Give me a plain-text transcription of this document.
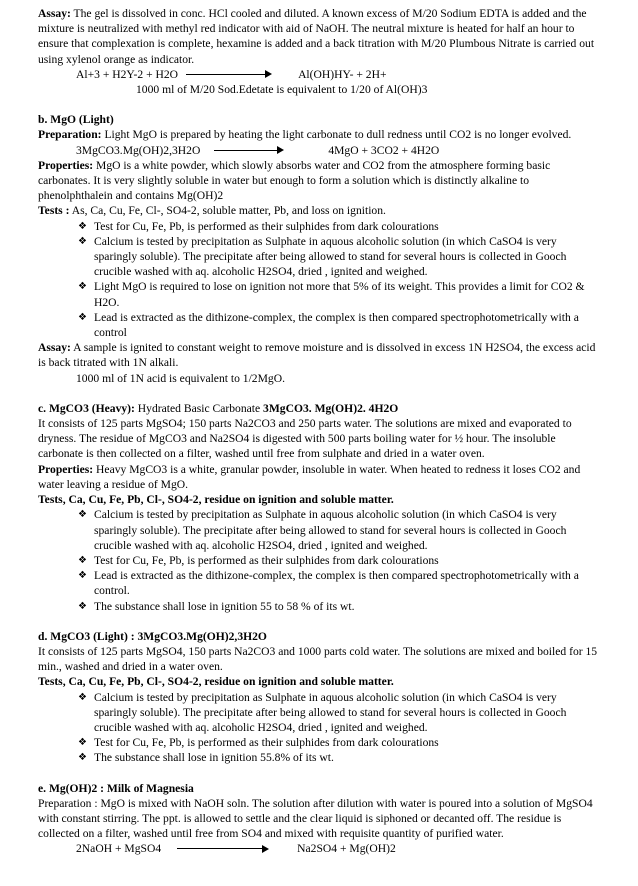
Assay: The gel is dissolved in conc. HCl cooled and diluted. A known excess of M/20 Sodium EDTA is added and the mixture is neutralized with methyl red indicator with aid of NaOH. The neutral mixture is heated for half an hour to ensure that complexation is complete, hexamine is added and a back titration with M/20 Plumbous Nitrate is carried out using xylenol orange as indicator.

Al+3 + H2Y-2 + H2O	Al(OH)HY- + 2H+

1000 ml of M/20 Sod.Edetate is equivalent to 1/20 of Al(OH)3

b. MgO (Light)

Preparation: Light MgO is prepared by heating the light carbonate to dull redness until CO2 is no longer evolved.

3MgCO3.Mg(OH)2,3H2O	4MgO + 3CO2 + 4H2O

Properties: MgO is a white powder, which slowly absorbs water and CO2 from the atmosphere forming basic carbonates. It is very slightly soluble in water but enough to form a solution which is distinctly alkaline to phenolphthalein and contains Mg(OH)2

Tests : As, Ca, Cu, Fe, Cl-, SO4-2, soluble matter, Pb, and loss on ignition.

❖ Test for Cu, Fe, Pb, is performed as their sulphides from dark colourations
❖ Calcium is tested by precipitation as Sulphate in aquous alcoholic solution (in which CaSO4 is very sparingly soluble). The precipitate after being allowed to stand for several hours is collected in Gooch crucible washed with aq. alcoholic H2SO4, dried , ignited and weighed.
❖ Light MgO is required to lose on ignition not more that 5% of its weight. This provides a limit for CO2 & H2O.
❖ Lead is extracted as the dithizone-complex, the complex is then compared spectrophotometrically with a control

Assay: A sample is ignited to constant weight to remove moisture and is dissolved in excess 1N H2SO4, the excess acid is back titrated with 1N alkali.

1000 ml of 1N acid is equivalent to 1/2MgO.

c. MgCO3 (Heavy): Hydrated Basic Carbonate 3MgCO3. Mg(OH)2. 4H2O

It consists of 125 parts MgSO4; 150 parts Na2CO3 and 250 parts water. The solutions are mixed and evaporated to dryness. The residue of MgCO3 and Na2SO4 is digested with 500 parts boiling water for ½ hour. The insoluble carbonate is then collected on a filter, washed until free from sulphate and dried in a water oven.

Properties: Heavy MgCO3 is a white, granular powder, insoluble in water. When heated to redness it loses CO2 and water leaving a residue of MgO.

Tests, Ca, Cu, Fe, Pb, Cl-, SO4-2, residue on ignition and soluble matter.

❖ Calcium is tested by precipitation as Sulphate in aquous alcoholic solution (in which CaSO4 is very sparingly soluble). The precipitate after being allowed to stand for several hours is collected in Gooch crucible washed with aq. alcoholic H2SO4, dried , ignited and weighed.
❖ Test for Cu, Fe, Pb, is performed as their sulphides from dark colourations
❖ Lead is extracted as the dithizone-complex, the complex is then compared spectrophotometrically with a control.
❖ The substance shall lose in ignition 55 to 58 % of its wt.

d. MgCO3 (Light) : 3MgCO3.Mg(OH)2,3H2O

It consists of 125 parts MgSO4, 150 parts Na2CO3 and 1000 parts cold water. The solutions are mixed and boiled for 15 min., washed and dried in a water oven.

Tests, Ca, Cu, Fe, Pb, Cl-, SO4-2, residue on ignition and soluble matter.

❖ Calcium is tested by precipitation as Sulphate in aquous alcoholic solution (in which CaSO4 is very sparingly soluble). The precipitate after being allowed to stand for several hours is collected in Gooch crucible washed with aq. alcoholic H2SO4, dried , ignited and weighed.
❖ Test for Cu, Fe, Pb, is performed as their sulphides from dark colourations
❖ The substance shall lose in ignition 55.8% of its wt.

e. Mg(OH)2 : Milk of Magnesia

Preparation : MgO is mixed with NaOH soln. The solution after dilution with water is poured into a solution of MgSO4 with constant stirring. The ppt. is allowed to settle and the clear liquid is siphoned or decanted off. The residue is collected on a filter, washed until free from SO4 and mixed with requisite quantity of purified water.

2NaOH + MgSO4	Na2SO4 + Mg(OH)2
